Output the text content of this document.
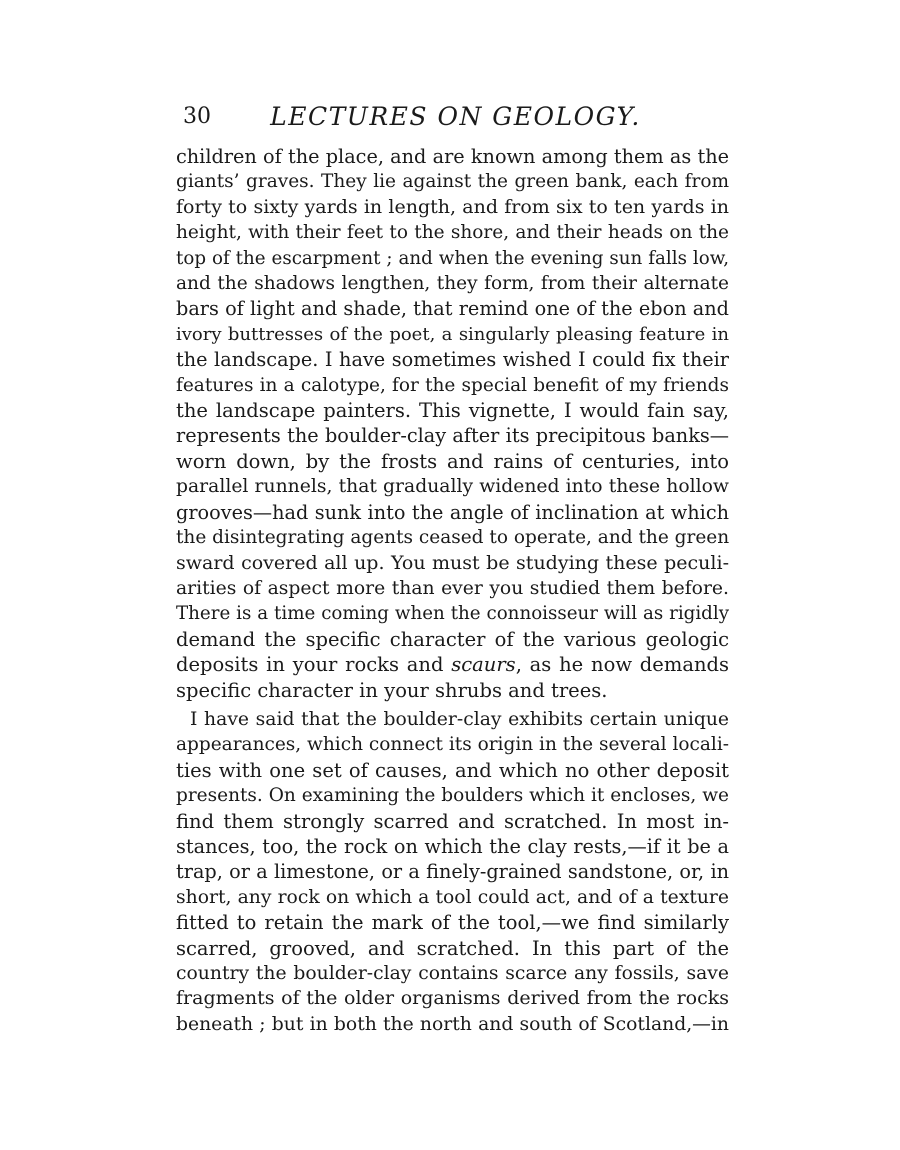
30	LECTURES ON GEOLOGY.
children of the place, and are known among them as the
giants’ graves. They lie against the green bank, each from
forty to sixty yards in length, and from six to ten yards in
height, with their feet to the shore, and their heads on the
top of the escarpment ; and when the evening sun falls low,
and the shadows lengthen, they form, from their alternate
bars of light and shade, that remind one of the ebon and
ivory buttresses of the poet, a singularly pleasing feature in
the landscape. I have sometimes wished I could fix their
features in a calotype, for the special benefit of my friends
the landscape painters. This vignette, I would fain say,
represents the boulder-clay after its precipitous banks—
worn down, by the frosts and rains of centuries, into
parallel runnels, that gradually widened into these hollow
grooves—had sunk into the angle of inclination at which
the disintegrating agents ceased to operate, and the green
sward covered all up. You must be studying these peculi-
arities of aspect more than ever you studied them before.
There is a time coming when the connoisseur will as rigidly
demand the specific character of the various geologic
deposits in your rocks and scaurs, as he now demands
specific character in your shrubs and trees.
I have said that the boulder-clay exhibits certain unique
appearances, which connect its origin in the several locali-
ties with one set of causes, and which no other deposit
presents. On examining the boulders which it encloses, we
find them strongly scarred and scratched. In most in-
stances, too, the rock on which the clay rests,—if it be a
trap, or a limestone, or a finely-grained sandstone, or, in
short, any rock on which a tool could act, and of a texture
fitted to retain the mark of the tool,—we find similarly
scarred, grooved, and scratched. In this part of the
country the boulder-clay contains scarce any fossils, save
fragments of the older organisms derived from the rocks
beneath ; but in both the north and south of Scotland,—in
